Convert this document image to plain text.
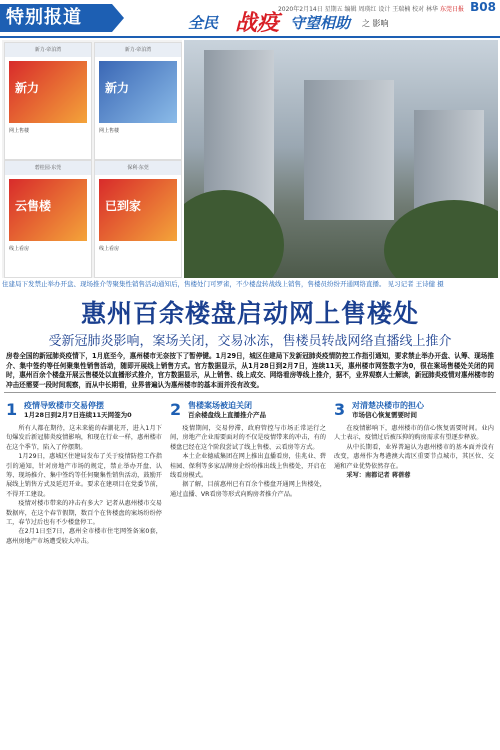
特别报道	2020年2月14日 星期五 编辑 周瑛红 设计 王瑞楠 校对 林华 东莞日报 B08
全民 战疫 守望相助 之 影响
新力·帝泊湾
新力
网上售楼
新力·帝泊湾
新力
网上售楼
碧桂园·东莞
云售楼
线上看房
保利·东莞
已到家
线上看房
住建局下发禁止举办开盘、现场推介等聚集性销售活动通知后，售楼处门可罗雀，不少楼盘转战线上销售，售楼员纷纷开通网络直播。 见习记者 王诗健 摄
惠州百余楼盘启动网上售楼处
受新冠肺炎影响，案场关闭，交易冰冻，售楼员转战网络直播线上推介
房卷全国的新冠肺炎疫情下，1月底至今，惠州楼市无奈按下了暂停键。1月29日，城区住建局下发新冠肺炎疫情防控工作指引通知，要求禁止举办开盘、认筹、现场推介、集中签约等任何聚集性销售活动，随即开展线上销售方式。官方数据显示，从1月28日到2月7日，连续11天，惠州楼市网签数字为0，很在案场售楼处关闭的同时，惠州百余个楼盘开展云售楼处以直播形式推介，官方数据显示，从上销售、线上成交、网络看房等线上推介，据不，业界观察人士解读，新冠肺炎疫情对惠州楼市的冲击还需要一段时间观察，而从中长期看，业界普遍认为惠州楼市的基本面并没有改变。
1 疫情导致楼市交易停摆
1月28日到2月7日连续11天网签为0

所有人都在期待，这未来能的春潮花开，进入1月下旬爆发后新冠肺炎疫情影响，和现在行业一样，惠州楼市在这个季节，陷入了停摆期。

1月29日，惠城区住建局发布了关于疫情防控工作指引的通知，针对房地产市场的规定，禁止举办开盘、认筹、现场推介、集中签约等任何聚集性销售活动，鼓励开展线上销售方式及延迟开业。要求在建项目在党委节前，不得开工建设。

疫情对楼市带来的冲击有多大？记者从惠州楼市交易数据库，在这个春节假期，数百个在售楼盘的案场纷纷停工，春节过后也有不少楼盘停工。

在2月1日至7日，惠州全市楼市住宅网签备案0套，惠州房地产市场遭受较大冲击。

2 售楼案场被迫关闭
百余楼盘线上直播推介产品

疫情期间，交易停滞，政府管控与市场正常运行之间，房地产企业需要面对的不仅是疫情带来的冲击，有的楼盘已经在这个阶段尝试了线上售楼、云看房等方式。

本土企业德威集团在网上推出直播看房，佳兆业、碧桂园、保利等多家品牌房企纷纷推出线上售楼处，开启在线看房模式。

据了解，目前惠州已有百余个楼盘开通网上售楼处，通过直播、VR看房等形式向购房者推介产品。

3 对清楚决楼市的担心
市场信心恢复需要时间

在疫情影响下，惠州楼市的信心恢复需要时间。业内人士表示，疫情过后被压抑的购房需求有望逐步释放。

从中长期看，业界普遍认为惠州楼市的基本面并没有改变，惠州作为粤港澳大湾区重要节点城市，其区位、交通和产业优势依然存在。

采写：南都记者 蒋蓓蓉
